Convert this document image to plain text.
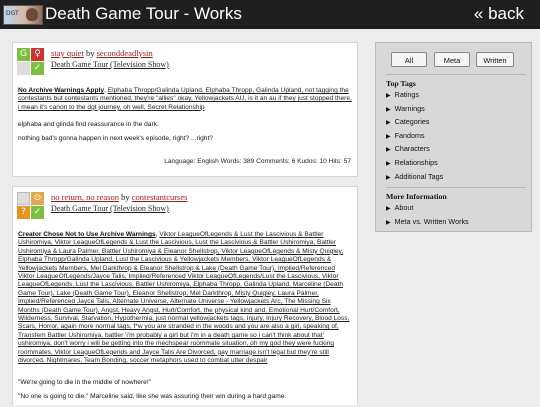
DGT Death Game Tour - Works	« back
G ♀
✓
stay quiet by seconddeadlysin
Death Game Tour (Television Show)
No Archive Warnings Apply, Elphaba Thropp/Galinda Upland, Elphaba Thropp, Galinda Upland, not tagging the contestants but contestants mentioned, they're "allies" okay, Yellowjackets AU, is it an au if they just stopped there, i mean it's canon to the dgt journey, oh well, Secret Relationship

elphaba and glinda find reassurance in the dark.

nothing bad's gonna happen in next week's episode, right? ...right?

Language: English Words: 389 Comments: 6 Kudos: 10 Hits: 57
⊙
? ✓
no return, no reason by contestantcurses
Death Game Tour (Television Show)
Creator Chose Not to Use Archive Warnings, Viktor LeagueOfLegends & Lust the Lascivious & Battler Ushiromiya, Viktor LeagueOfLegends & Lust the Lascivious, Lust the Lascivious & Battler Ushiromiya, Battler Ushiromiya & Laura Palmer, Battler Ushiromiya & Eleanor Shellstrop, Viktor LeagueOfLegends & Misty Quigley, Elphaba Thropp/Galinda Upland, Lust the Lascivious & Yellowjackets Members, Viktor LeagueOfLegends & Yellowjackets Members, Mel Darkthrop & Eleanor Shellstrop & Lake (Death Game Tour), Implied/Referenced Viktor LeagueOfLegends/Jayce Talis, Implied/Referenced Viktor LeagueOfLegends/Lust the Lascivious, Viktor LeagueOfLegends, Lust the Lascivious, Battler Ushiromiya, Elphaba Thropp, Galinda Upland, Marceline (Death Game Tour), Lake (Death Game Tour), Eleanor Shellstrop, Mel Darkthrop, Misty Quigley, Laura Palmer, Implied/Referenced Jayce Talis, Alternate Universe, Alternate Universe - Yellowjackets Arc, The Missing Six Months (Death Game Tour), Angst, Heavy Angst, Hurt/Comfort, the physical kind and, Emotional Hurt/Comfort, Wilderness, Survival, Starvation, Hypothermia, just normal yellowjackets tags, Injury, Injury Recovery, Blood Loss, Scars, Horror, again more normal tags, f*w you are stranded in the woods and you are also a girl, speaking of, Transfem Battler Ushiromiya, battler 'i'm probably a girl but i'm in a death game so i can't think about that' ushiromiya, don't worry i will be getting into the mechspear roommate situation, oh my god they were fucking roommates, Viktor LeagueOfLegends and Jayce Talis Are Divorced, gay marriage isn't legal but they're still divorced, Nightmares, Team Bonding, soccer metaphors used to combat utter despair

"We're going to die in the middle of nowhere!"

"No one is going to die." Marceline said, like she was assuring their win during a hard game.

All	Meta	Written
Top Tags
▶ Ratings
▶ Warnings
▶ Categories
▶ Fandoms
▶ Characters
▶ Relationships
▶ Additional Tags
More Information
▶ About
▶ Meta vs. Written Works
